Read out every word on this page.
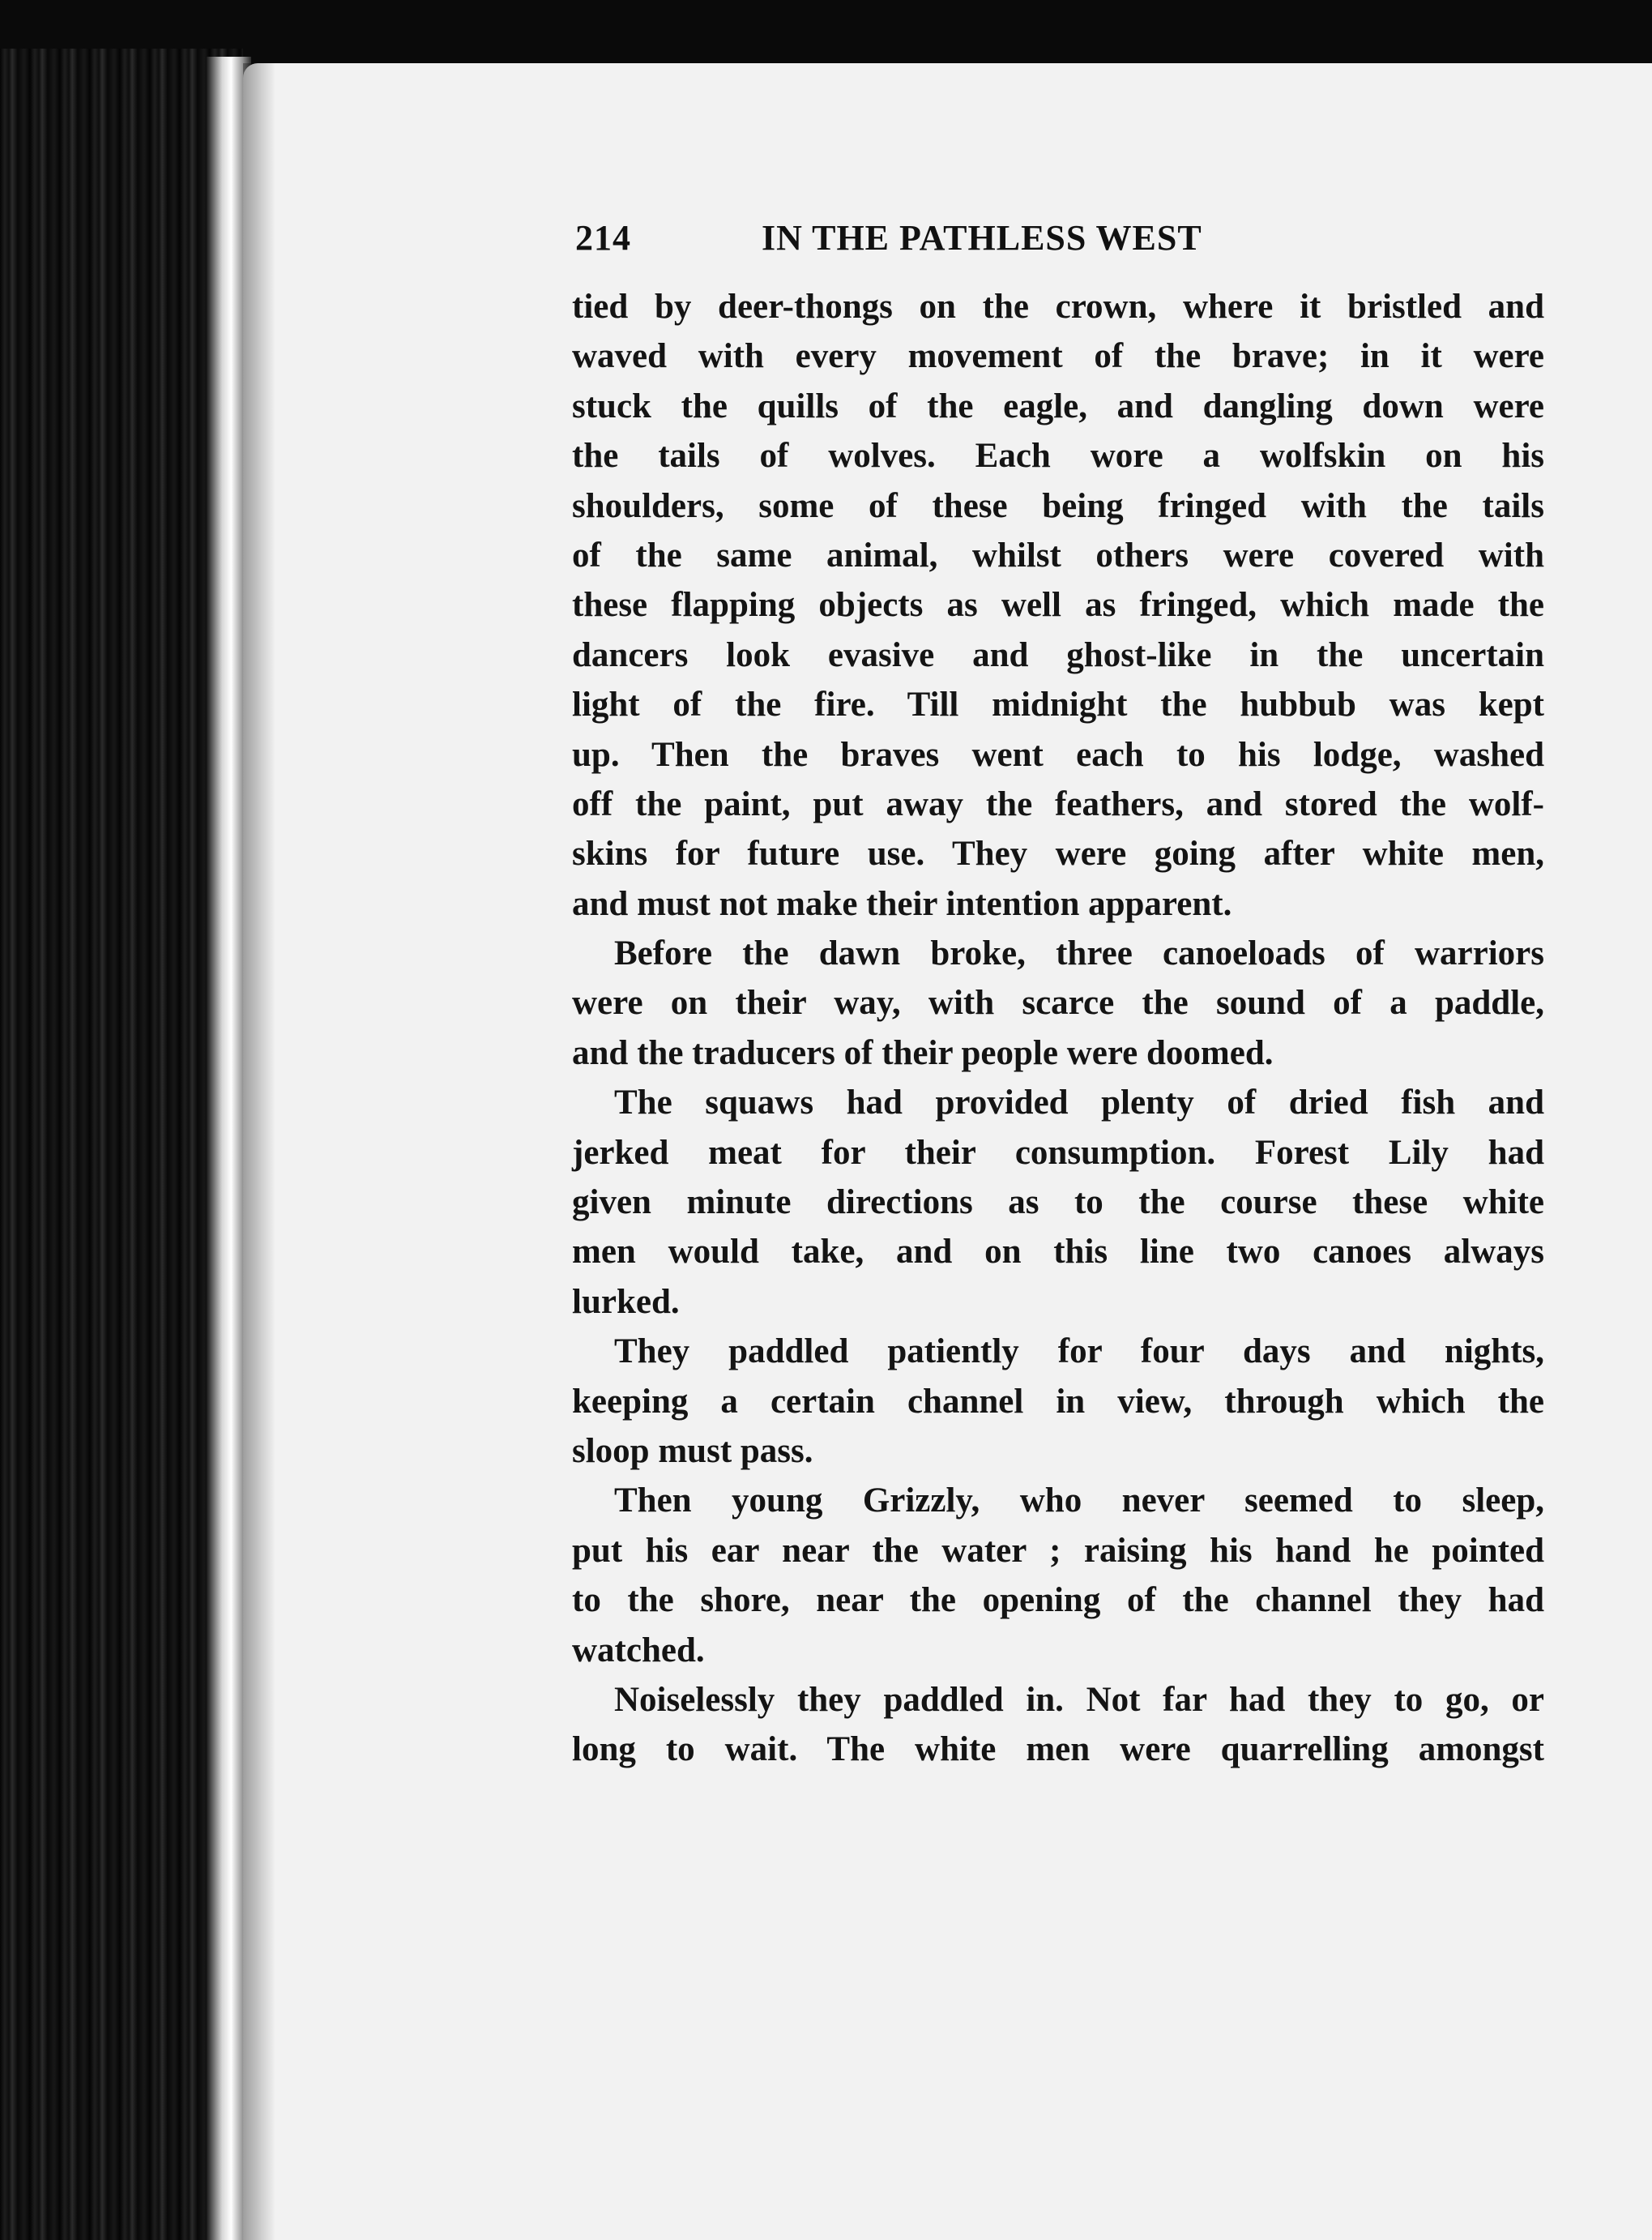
214	IN THE PATHLESS WEST
tied by deer-thongs on the crown, where it bristled and
waved with every movement of the brave; in it were
stuck the quills of the eagle, and dangling down were
the tails of wolves. Each wore a wolfskin on his
shoulders, some of these being fringed with the tails
of the same animal, whilst others were covered with
these flapping objects as well as fringed, which made the
dancers look evasive and ghost-like in the uncertain
light of the fire. Till midnight the hubbub was kept
up. Then the braves went each to his lodge, washed
off the paint, put away the feathers, and stored the wolf-
skins for future use. They were going after white men,
and must not make their intention apparent.
Before the dawn broke, three canoeloads of warriors
were on their way, with scarce the sound of a paddle,
and the traducers of their people were doomed.
The squaws had provided plenty of dried fish and
jerked meat for their consumption. Forest Lily had
given minute directions as to the course these white
men would take, and on this line two canoes always
lurked.
They paddled patiently for four days and nights,
keeping a certain channel in view, through which the
sloop must pass.
Then young Grizzly, who never seemed to sleep,
put his ear near the water ; raising his hand he pointed
to the shore, near the opening of the channel they had
watched.
Noiselessly they paddled in. Not far had they to go, or
long to wait. The white men were quarrelling amongst
